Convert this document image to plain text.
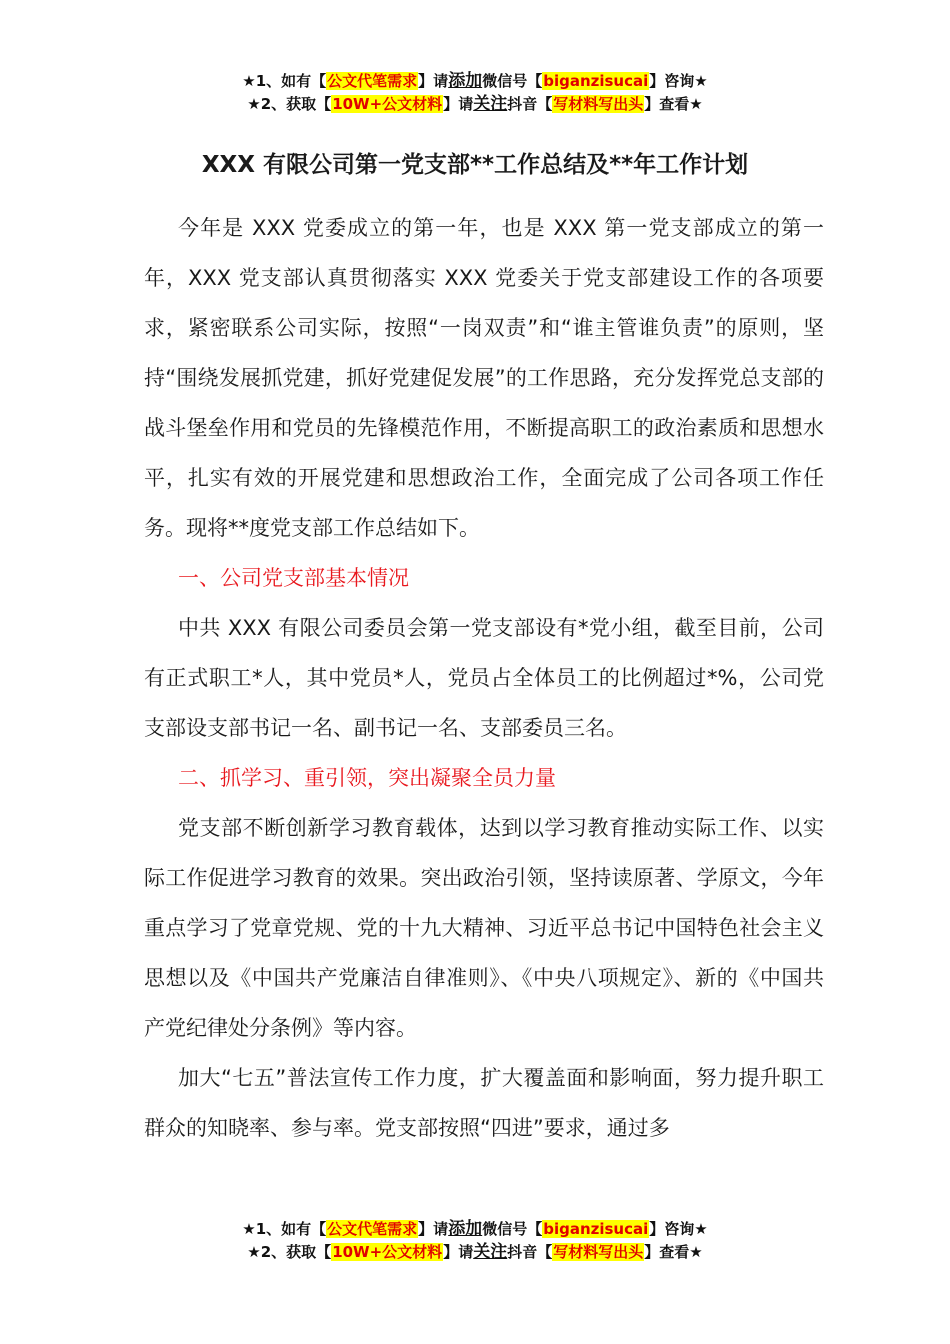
★1、如有【公文代笔需求】请添加微信号【biganzisucai】咨询★
★2、获取【10W+公文材料】请关注抖音【写材料写出头】查看★
XXX 有限公司第一党支部**工作总结及**年工作计划

今年是 XXX 党委成立的第一年，也是 XXX 第一党支部成立的第一年，XXX 党支部认真贯彻落实 XXX 党委关于党支部建设工作的各项要求，紧密联系公司实际，按照“一岗双责”和“谁主管谁负责”的原则，坚持“围绕发展抓党建，抓好党建促发展”的工作思路，充分发挥党总支部的战斗堡垒作用和党员的先锋模范作用，不断提高职工的政治素质和思想水平，扎实有效的开展党建和思想政治工作，全面完成了公司各项工作任务。现将**度党支部工作总结如下。

一、公司党支部基本情况

中共 XXX 有限公司委员会第一党支部设有*党小组，截至目前，公司有正式职工*人，其中党员*人，党员占全体员工的比例超过*%，公司党支部设支部书记一名、副书记一名、支部委员三名。

二、抓学习、重引领，突出凝聚全员力量

党支部不断创新学习教育载体，达到以学习教育推动实际工作、以实际工作促进学习教育的效果。突出政治引领，坚持读原著、学原文，今年重点学习了党章党规、党的十九大精神、习近平总书记中国特色社会主义思想以及《中国共产党廉洁自律准则》、《中央八项规定》、新的《中国共产党纪律处分条例》等内容。

加大“七五”普法宣传工作力度，扩大覆盖面和影响面，努力提升职工群众的知晓率、参与率。党支部按照“四进”要求，通过多

★1、如有【公文代笔需求】请添加微信号【biganzisucai】咨询★
★2、获取【10W+公文材料】请关注抖音【写材料写出头】查看★
